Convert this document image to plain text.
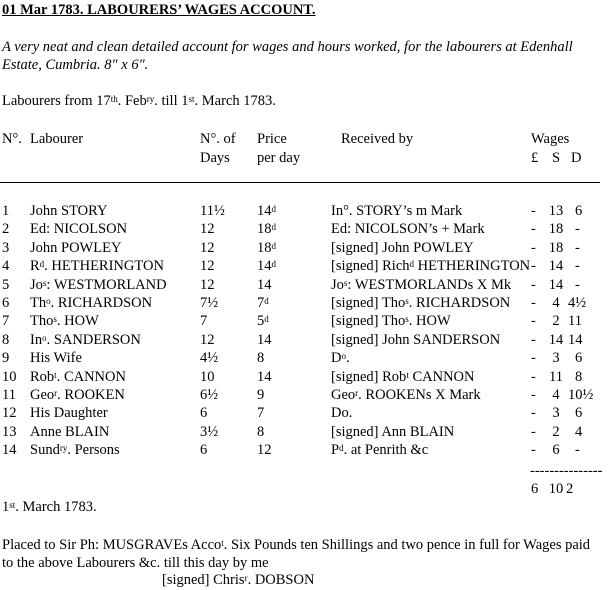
01 Mar 1783. LABOURERS’ WAGES ACCOUNT.
A very neat and clean detailed account for wages and hours worked, for the labourers at Edenhall Estate, Cumbria. 8" x 6".
Labourers from 17th. Feb$^{ry}$. till 1st. March 1783.
N°. Labourer	N°. of
Days
Price
per day
Received by	Wages
£ S D
1 John STORY	11½ 14$^d$	In°. STORY’s m Mark	- 13 6
2 Ed: NICOLSON	12	18$^d$	Ed: NICOLSON’s + Mark	- 18 -
3 John POWLEY	12	18$^d$	[signed] John POWLEY	- 18 -
4 $R^d$. HETHERINGTON 12	14$^d$	[signed] Rich$^d$ HETHERINGTON - 14 -
5 Jo$^s$: WESTMORLAND 12	14	Jo$^s$: WESTMORLANDs X Mk - 14 -
6 Th$^o$. RICHARDSON	7½	7$^d$	[signed] Tho$^s$. RICHARDSON -	4 4½
7 Tho$^s$. HOW	7	5$^d$	[signed] Tho$^s$. HOW	-	2 11
8 In$^o$. SANDERSON	12	14	[signed] John SANDERSON - 14 14
9 His Wife	4½	8	$D^o$.	-	3	6
10 Rob$^t$. CANNON	10	14	[signed] Rob$^t$ CANNON	- 11 8
11 Geo$^r$. ROOKEN	6½	9	Geo$^r$. ROOKENs X Mark	-	4 10½
12 His Daughter	6	7	Do.	-	3	6
13 Anne BLAIN	3½	8	[signed] Ann BLAIN	-	2	4
14 Sund$^{ry}$. Persons	6	12	$P^d$. at Penrith &c	-	6	-
---------------
6 10 2
1st. March 1783.
Placed to Sir Ph: MUSGRAVEs Acco$^t$. Six Pounds ten Shillings and two pence in full for Wages paid to the above Labourers &c. till this day by me
[signed] Chris$^r$. DOBSON
